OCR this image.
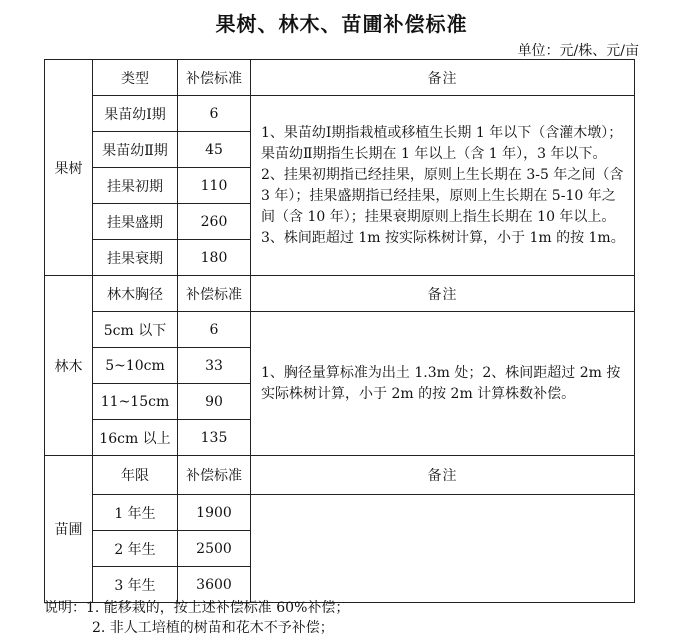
果树、林木、苗圃补偿标准
单位：元/株、元/亩
果树	类型	补偿标准	备注
	果苗幼Ⅰ期	6	1、果苗幼Ⅰ期指栽植或移植生长期 1 年以下（含灌木墩）；果苗幼Ⅱ期指生长期在 1 年以上（含 1 年），3 年以下。2、挂果初期指已经挂果，原则上生长期在 3-5 年之间（含 3 年）；挂果盛期指已经挂果，原则上生长期在 5-10 年之间（含 10 年）；挂果衰期原则上指生长期在 10 年以上。3、株间距超过 1m 按实际株树计算，小于 1m 的按 1m。
	果苗幼Ⅱ期	45	
	挂果初期	110	
	挂果盛期	260	
	挂果衰期	180	
林木	林木胸径	补偿标准	备注
	5cm 以下	6	1、胸径量算标准为出土 1.3m 处；2、株间距超过 2m 按实际株树计算，小于 2m 的按 2m 计算株数补偿。
	5~10cm	33	
	11~15cm	90	
	16cm 以上	135	
苗圃	年限	补偿标准	备注
	1 年生	1900	
	2 年生	2500	
	3 年生	3600	
说明：1. 能移栽的，按上述补偿标准 60%补偿；
2. 非人工培植的树苗和花木不予补偿；
